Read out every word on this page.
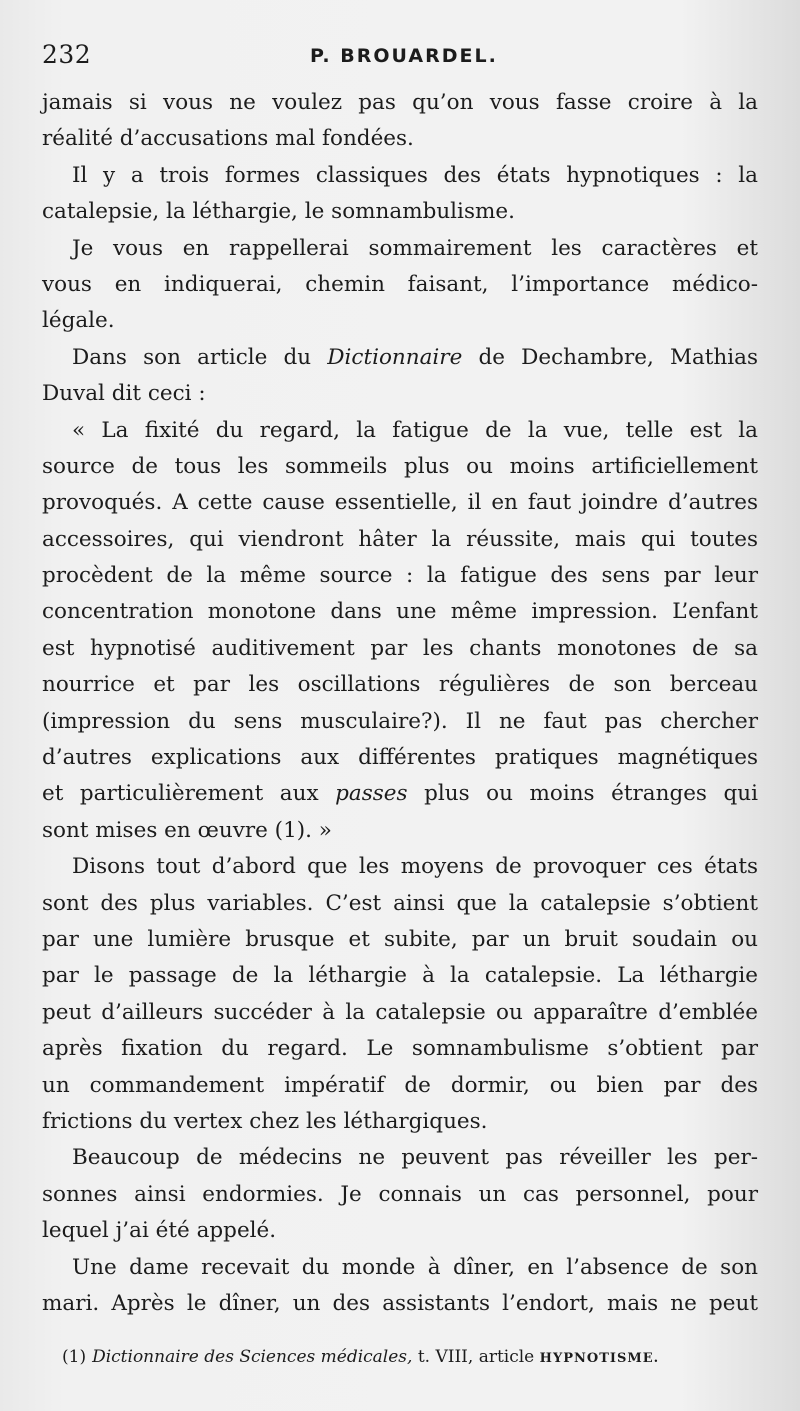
232	P. BROUARDEL.
jamais si vous ne voulez pas qu’on vous fasse croire à la
réalité d’accusations mal fondées.
Il y a trois formes classiques des états hypnotiques : la
catalepsie, la léthargie, le somnambulisme.
Je vous en rappellerai sommairement les caractères et
vous en indiquerai, chemin faisant, l’importance médico-
légale.
Dans son article du Dictionnaire de Dechambre, Mathias
Duval dit ceci :
« La fixité du regard, la fatigue de la vue, telle est la
source de tous les sommeils plus ou moins artificiellement
provoqués. A cette cause essentielle, il en faut joindre d’autres
accessoires, qui viendront hâter la réussite, mais qui toutes
procèdent de la même source : la fatigue des sens par leur
concentration monotone dans une même impression. L’enfant
est hypnotisé auditivement par les chants monotones de sa
nourrice et par les oscillations régulières de son berceau
(impression du sens musculaire?). Il ne faut pas chercher
d’autres explications aux différentes pratiques magnétiques
et particulièrement aux passes plus ou moins étranges qui
sont mises en œuvre (1). »
Disons tout d’abord que les moyens de provoquer ces états
sont des plus variables. C’est ainsi que la catalepsie s’obtient
par une lumière brusque et subite, par un bruit soudain ou
par le passage de la léthargie à la catalepsie. La léthargie
peut d’ailleurs succéder à la catalepsie ou apparaître d’emblée
après fixation du regard. Le somnambulisme s’obtient par
un commandement impératif de dormir, ou bien par des
frictions du vertex chez les léthargiques.
Beaucoup de médecins ne peuvent pas réveiller les per-
sonnes ainsi endormies. Je connais un cas personnel, pour
lequel j’ai été appelé.
Une dame recevait du monde à dîner, en l’absence de son
mari. Après le dîner, un des assistants l’endort, mais ne peut
(1) Dictionnaire des Sciences médicales, t. VIII, article HYPNOTISME.
